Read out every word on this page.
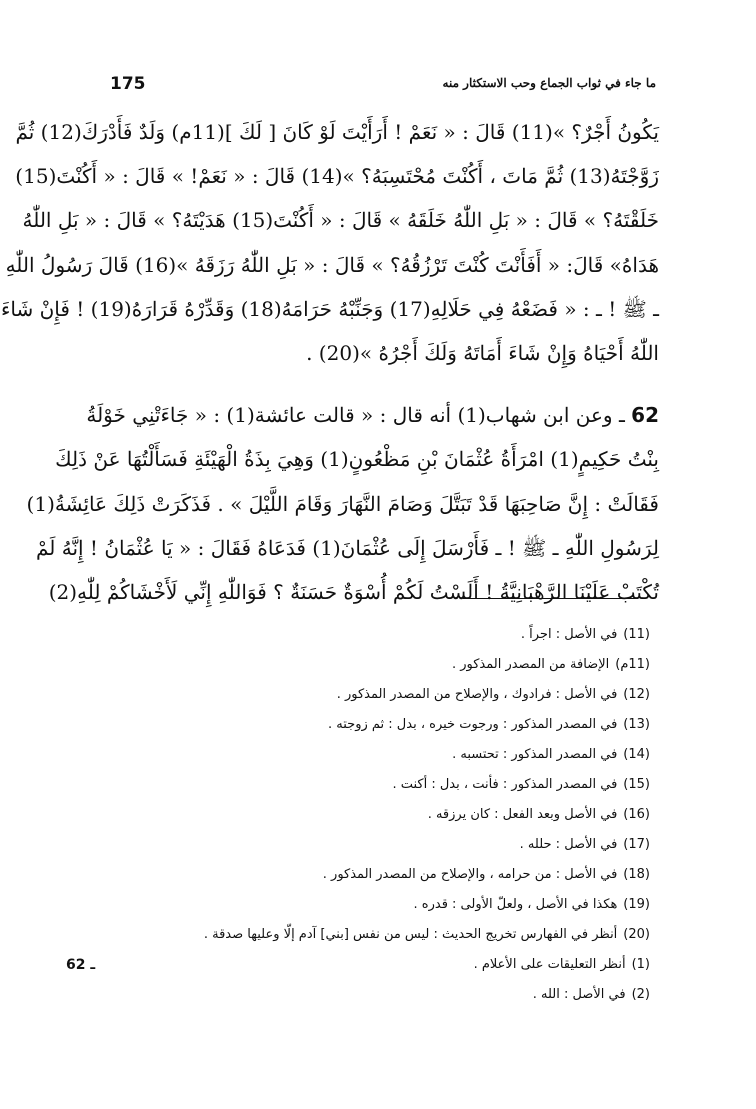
175	ما جاء في ثواب الجماع وحب الاستكثار منه
يَكُونُ أَجْرٌ؟ »(11) قَالَ : « نَعَمْ ! أَرَأَيْتَ لَوْ كَانَ [ لَكَ ](11م) وَلَدٌ فَأَدْرَكَ(12) ثُمَّ
زَوَّجْتَهُ(13) ثُمَّ مَاتَ ، أَكُنْتَ مُحْتَسِبَهُ؟ »(14) قَالَ : « نَعَمْ! » قَالَ : « أَكُنْتَ(15)
خَلَقْتَهُ؟ » قَالَ : « بَلِ اللّٰهُ خَلَقَهُ » قَالَ : « أَكُنْتَ(15) هَدَيْتَهُ؟ » قَالَ : « بَلِ اللّٰهُ
هَدَاهُ» قَالَ: « أَفَأَنْتَ كُنْتَ تَرْزُقُهُ؟ » قَالَ : « بَلِ اللّٰهُ رَزَقَهُ »(16) قَالَ رَسُولُ اللّٰهِ
ـ ﷺ ! ـ : « فَضَعْهُ فِي حَلَالِهِ(17) وَجَنِّبْهُ حَرَامَهُ(18) وَقَدِّرْهُ قَرَارَهُ(19) ! فَإِنْ شَاءَ
اللّٰهُ أَحْيَاهُ وَإِنْ شَاءَ أَمَاتَهُ وَلَكَ أَجْرُهُ »(20) .
62 ـ وعن ابن شهاب(1) أنه قال : « قالت عائشة(1) : « جَاءَتْنِي خَوْلَةُ
بِنْتُ حَكِيمٍ(1) امْرَأَةُ عُثْمَانَ بْنِ مَظْعُونٍ(1) وَهِيَ بِذَةُ الْهَيْئَةِ فَسَأَلْتُهَا عَنْ ذَلِكَ
فَقَالَتْ : إِنَّ صَاحِبَهَا قَدْ تَبَتَّلَ وَصَامَ النَّهَارَ وَقَامَ اللَّيْلَ » . فَذَكَرَتْ ذَلِكَ عَائِشَةُ(1)
لِرَسُولِ اللّٰهِ ـ ﷺ ! ـ فَأَرْسَلَ إِلَى عُثْمَانَ(1) فَدَعَاهُ فَقَالَ : « يَا عُثْمَانُ ! إِنَّهُ لَمْ
تُكْتَبْ عَلَيْنَا الرَّهْبَانِيَّةُ ! أَلَسْتُ لَكُمْ أُسْوَةٌ حَسَنَةٌ ؟ فَوَاللّٰهِ إِنِّي لَأَخْشَاكُمْ لِلّٰهِ(2)
(11)في الأصل : اجراً .
(11م)الإضافة من المصدر المذكور .
(12)في الأصل : فرادوك ، والإصلاح من المصدر المذكور .
(13)في المصدر المذكور : ورجوت خيره ، بدل : ثم زوجته .
(14)في المصدر المذكور : تحتسبه .
(15)في المصدر المذكور : فأنت ، بدل : أكنت .
(16)في الأصل وبعد الفعل : كان يرزقه .
(17)في الأصل : حلله .
(18)في الأصل : من حرامه ، والإصلاح من المصدر المذكور .
(19)هكذا في الأصل ، ولعلّ الأولى : قدره .
(20)أنظر في الفهارس تخريج الحديث : ليس من نفس [بني] آدم إلّا وعليها صدقة .
62 ـ	(1)أنظر التعليقات على الأعلام .
(2)في الأصل : الله .
